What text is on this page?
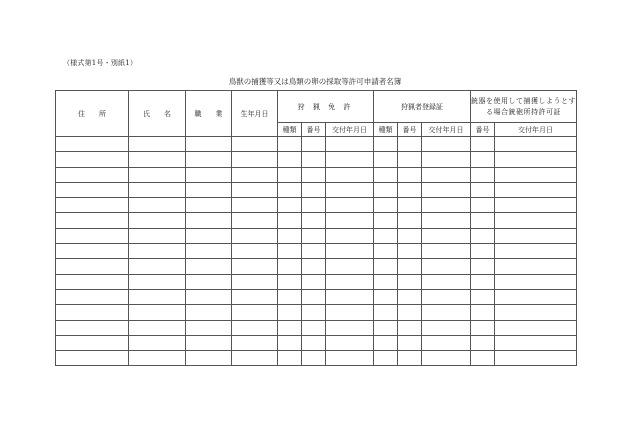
（様式第1号・別紙1）
鳥獣の捕獲等又は鳥類の卵の採取等許可申請者名簿
住　　所	氏　　名	職　　業	生年月日	狩 猟 免 許			狩猟者登録証			銃器を使用して捕獲しようとする場合銃砲所持許可証	
				種類	番号	交付年月日	種類	番号	交付年月日	番号	交付年月日
